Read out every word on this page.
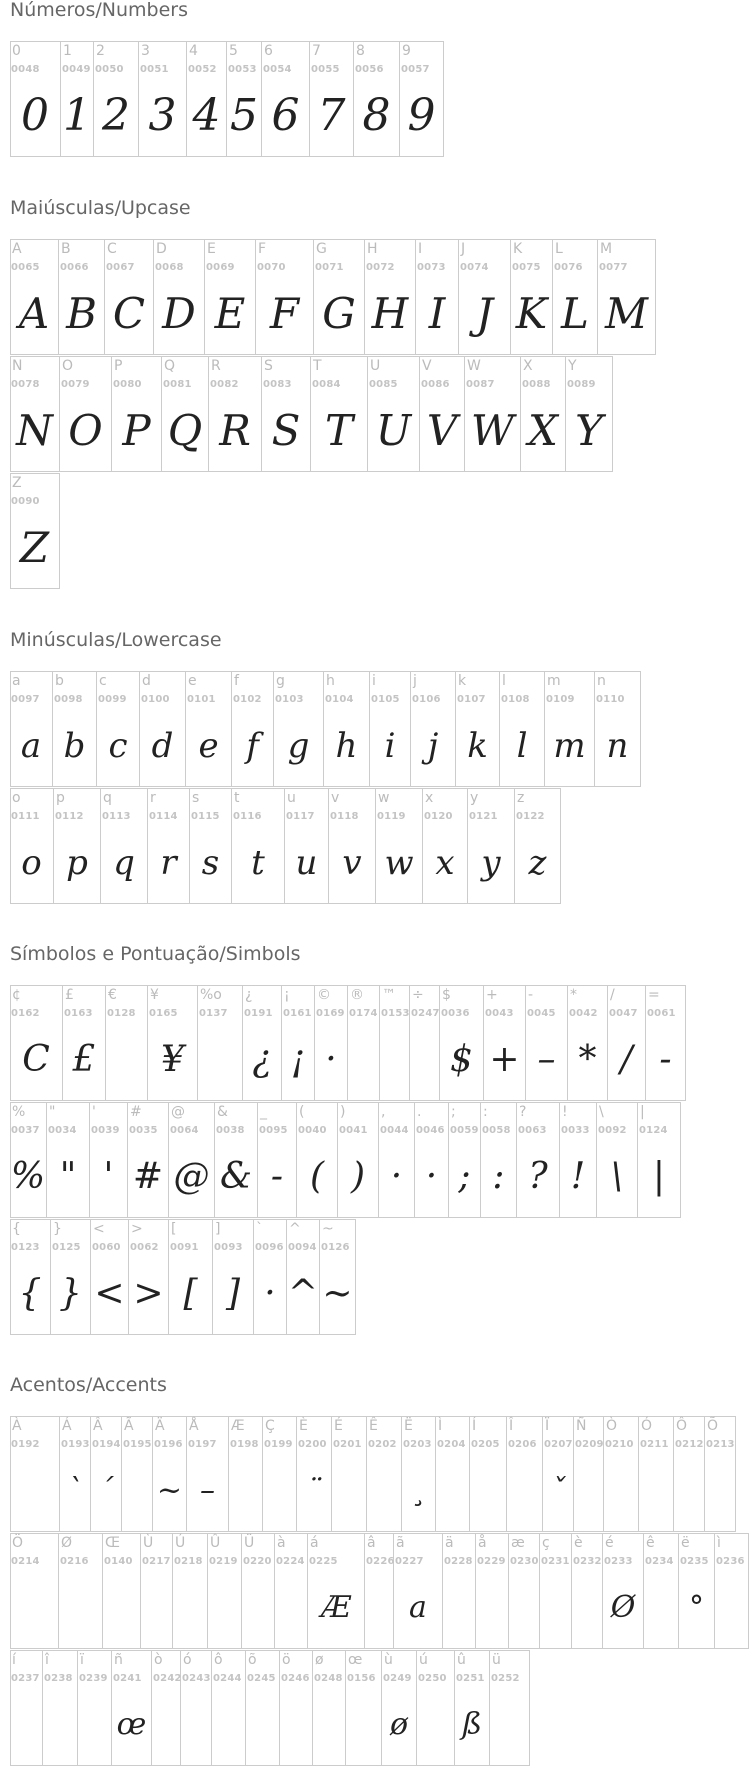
Números/Numbers
0
0048
0
1
0049
1
2
0050
2
3
0051
3
4
0052
4
5
0053
5
6
0054
6
7
0055
7
8
0056
8
9
0057
9
Maiúsculas/Upcase
A
0065
A
B
0066
B
C
0067
C
D
0068
D
E
0069
E
F
0070
F
G
0071
G
H
0072
H
I
0073
I
J
0074
J
K
0075
K
L
0076
L
M
0077
M
N
0078
N
O
0079
O
P
0080
P
Q
0081
Q
R
0082
R
S
0083
S
T
0084
T
U
0085
U
V
0086
V
W
0087
W
X
0088
X
Y
0089
Y
Z
0090
Z
Minúsculas/Lowercase
a
0097
a
b
0098
b
c
0099
c
d
0100
d
e
0101
e
f
0102
f
g
0103
g
h
0104
h
i
0105
i
j
0106
j
k
0107
k
l
0108
l
m
0109
m
n
0110
n
o
0111
o
p
0112
p
q
0113
q
r
0114
r
s
0115
s
t
0116
t
u
0117
u
v
0118
v
w
0119
w
x
0120
x
y
0121
y
z
0122
z
Símbolos e Pontuação/Simbols
¢
0162
C
£
0163
£
€
0128
¥
0165
¥
%o
0137
¿
0191
¿
¡
0161
¡
©
0169
·
®
0174
™
0153
÷
0247
$
0036
$
+
0043
+
-
0045
–
*
0042
*
/
0047
/
=
0061
-
%
0037
%
"
0034
"
'
0039
'
#
0035
#
@
0064
@
&
0038
&
_
0095
-
(
0040
(
)
0041
)
,
0044
·
.
0046
·
;
0059
;
:
0058
:
?
0063
?
!
0033
!
\
0092
\
|
0124
|
{
0123
{
}
0125
}
<
0060
<
>
0062
>
[
0091
[
]
0093
]
`
0096
·
^
0094
^
~
0126
~
Acentos/Accents
À
0192
Á
0193
`
Â
0194
´
Ã
0195
Ä
0196
~
Å
0197
–
Æ
0198
Ç
0199
È
0200
¨
É
0201
Ê
0202
Ë
0203
¸
Ì
0204
Í
0205
Î
0206
Ï
0207
ˇ
Ñ
0209
Ò
0210
Ó
0211
Ô
0212
Õ
0213
Ö
0214
Ø
0216
Œ
0140
Ù
0217
Ú
0218
Û
0219
Ü
0220
à
0224
á
0225
Æ
â
0226
ã
0227
a
ä
0228
å
0229
æ
0230
ç
0231
è
0232
é
0233
Ø
ê
0234
ë
0235
°
ì
0236
í
0237
î
0238
ï
0239
ñ
0241
œ
ò
0242
ó
0243
ô
0244
õ
0245
ö
0246
ø
0248
œ
0156
ù
0249
ø
ú
0250
û
0251
ß
ü
0252
